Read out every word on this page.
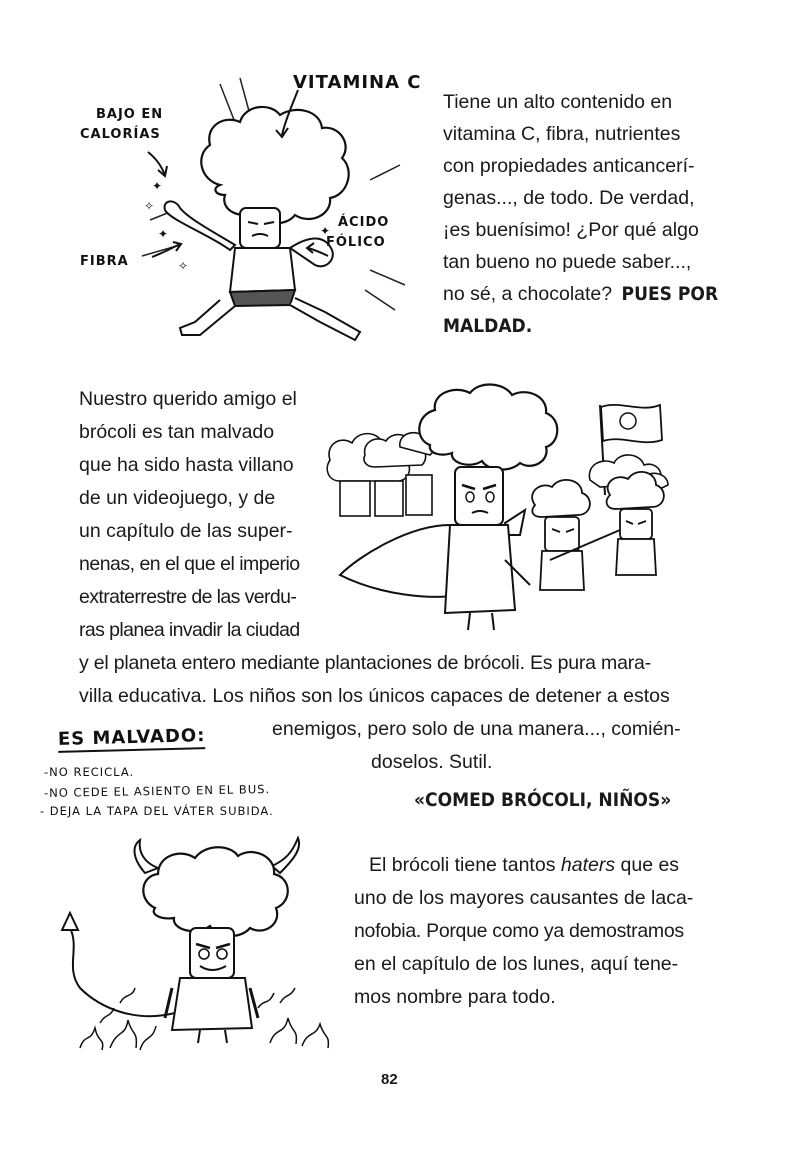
✦
✧
✦
✧
✦
VITAMINA C
BAJO EN
CALORÍAS
FIBRA
ÁCIDO
FÓLICO
Tiene un alto contenido en
vitamina C, fibra, nutrientes
con propiedades anticancerí-
genas..., de todo. De verdad,
¡es buenísimo! ¿Por qué algo
tan bueno no puede saber...,
no sé, a chocolate? PUES POR
MALDAD.
Nuestro querido amigo el
brócoli es tan malvado
que ha sido hasta villano
de un videojuego, y de
un capítulo de las super-
nenas, en el que el imperio
extraterrestre de las verdu-
ras planea invadir la ciudad
y el planeta entero mediante plantaciones de brócoli. Es pura mara-
villa educativa. Los niños son los únicos capaces de detener a estos
enemigos, pero solo de una manera..., comién-
doselos. Sutil.
«COMED BRÓCOLI, NIÑOS»
ES MALVADO:
-NO RECICLA.
-NO CEDE EL ASIENTO EN EL BUS.
- DEJA LA TAPA DEL VÁTER SUBIDA.
El brócoli tiene tantos haters que es
uno de los mayores causantes de laca-
nofobia. Porque como ya demostramos
en el capítulo de los lunes, aquí tene-
mos nombre para todo.
82
